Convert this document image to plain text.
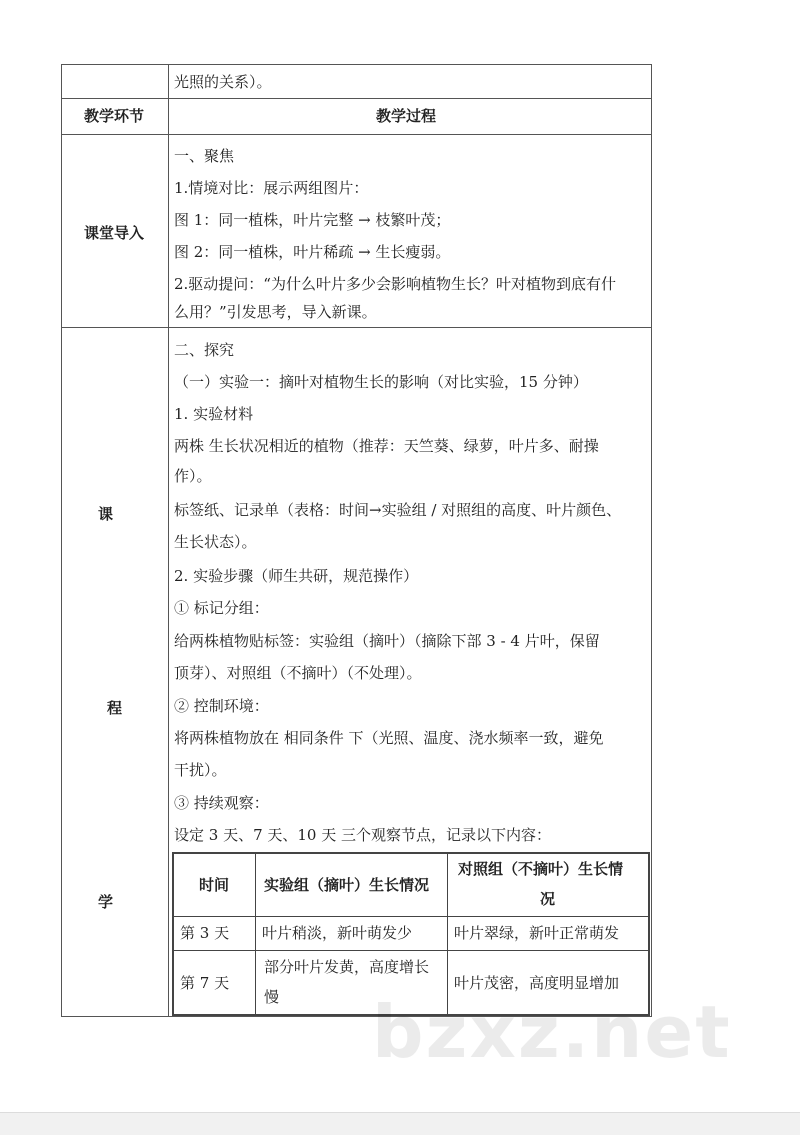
光照的关系）。
教学环节	教学过程
课堂导入
一、聚焦
1.情境对比：展示两组图片：
图 1：同一植株，叶片完整 → 枝繁叶茂；
图 2：同一植株，叶片稀疏 → 生长瘦弱。
2.驱动提问：“为什么叶片多少会影响植物生长？叶对植物到底有什
么用？”引发思考，导入新课。
课
程
学
二、探究
（一）实验一：摘叶对植物生长的影响（对比实验，15 分钟）
1. 实验材料
两株 生长状况相近的植物（推荐：天竺葵、绿萝，叶片多、耐操
作）。
标签纸、记录单（表格：时间→实验组 / 对照组的高度、叶片颜色、
生长状态）。
2. 实验步骤（师生共研，规范操作）
① 标记分组：
给两株植物贴标签：实验组（摘叶）（摘除下部 3 - 4 片叶，保留
顶芽）、对照组（不摘叶）（不处理）。
② 控制环境：
将两株植物放在 相同条件 下（光照、温度、浇水频率一致，避免
干扰）。
③ 持续观察：
设定 3 天、7 天、10 天 三个观察节点，记录以下内容：
时间 实验组（摘叶）生长情况
对照组（不摘叶）生长情
况
第 3 天 叶片稍淡，新叶萌发少	叶片翠绿，新叶正常萌发
第 7 天
部分叶片发黄，高度增长
慢
叶片茂密，高度明显增加
bzxz.net
